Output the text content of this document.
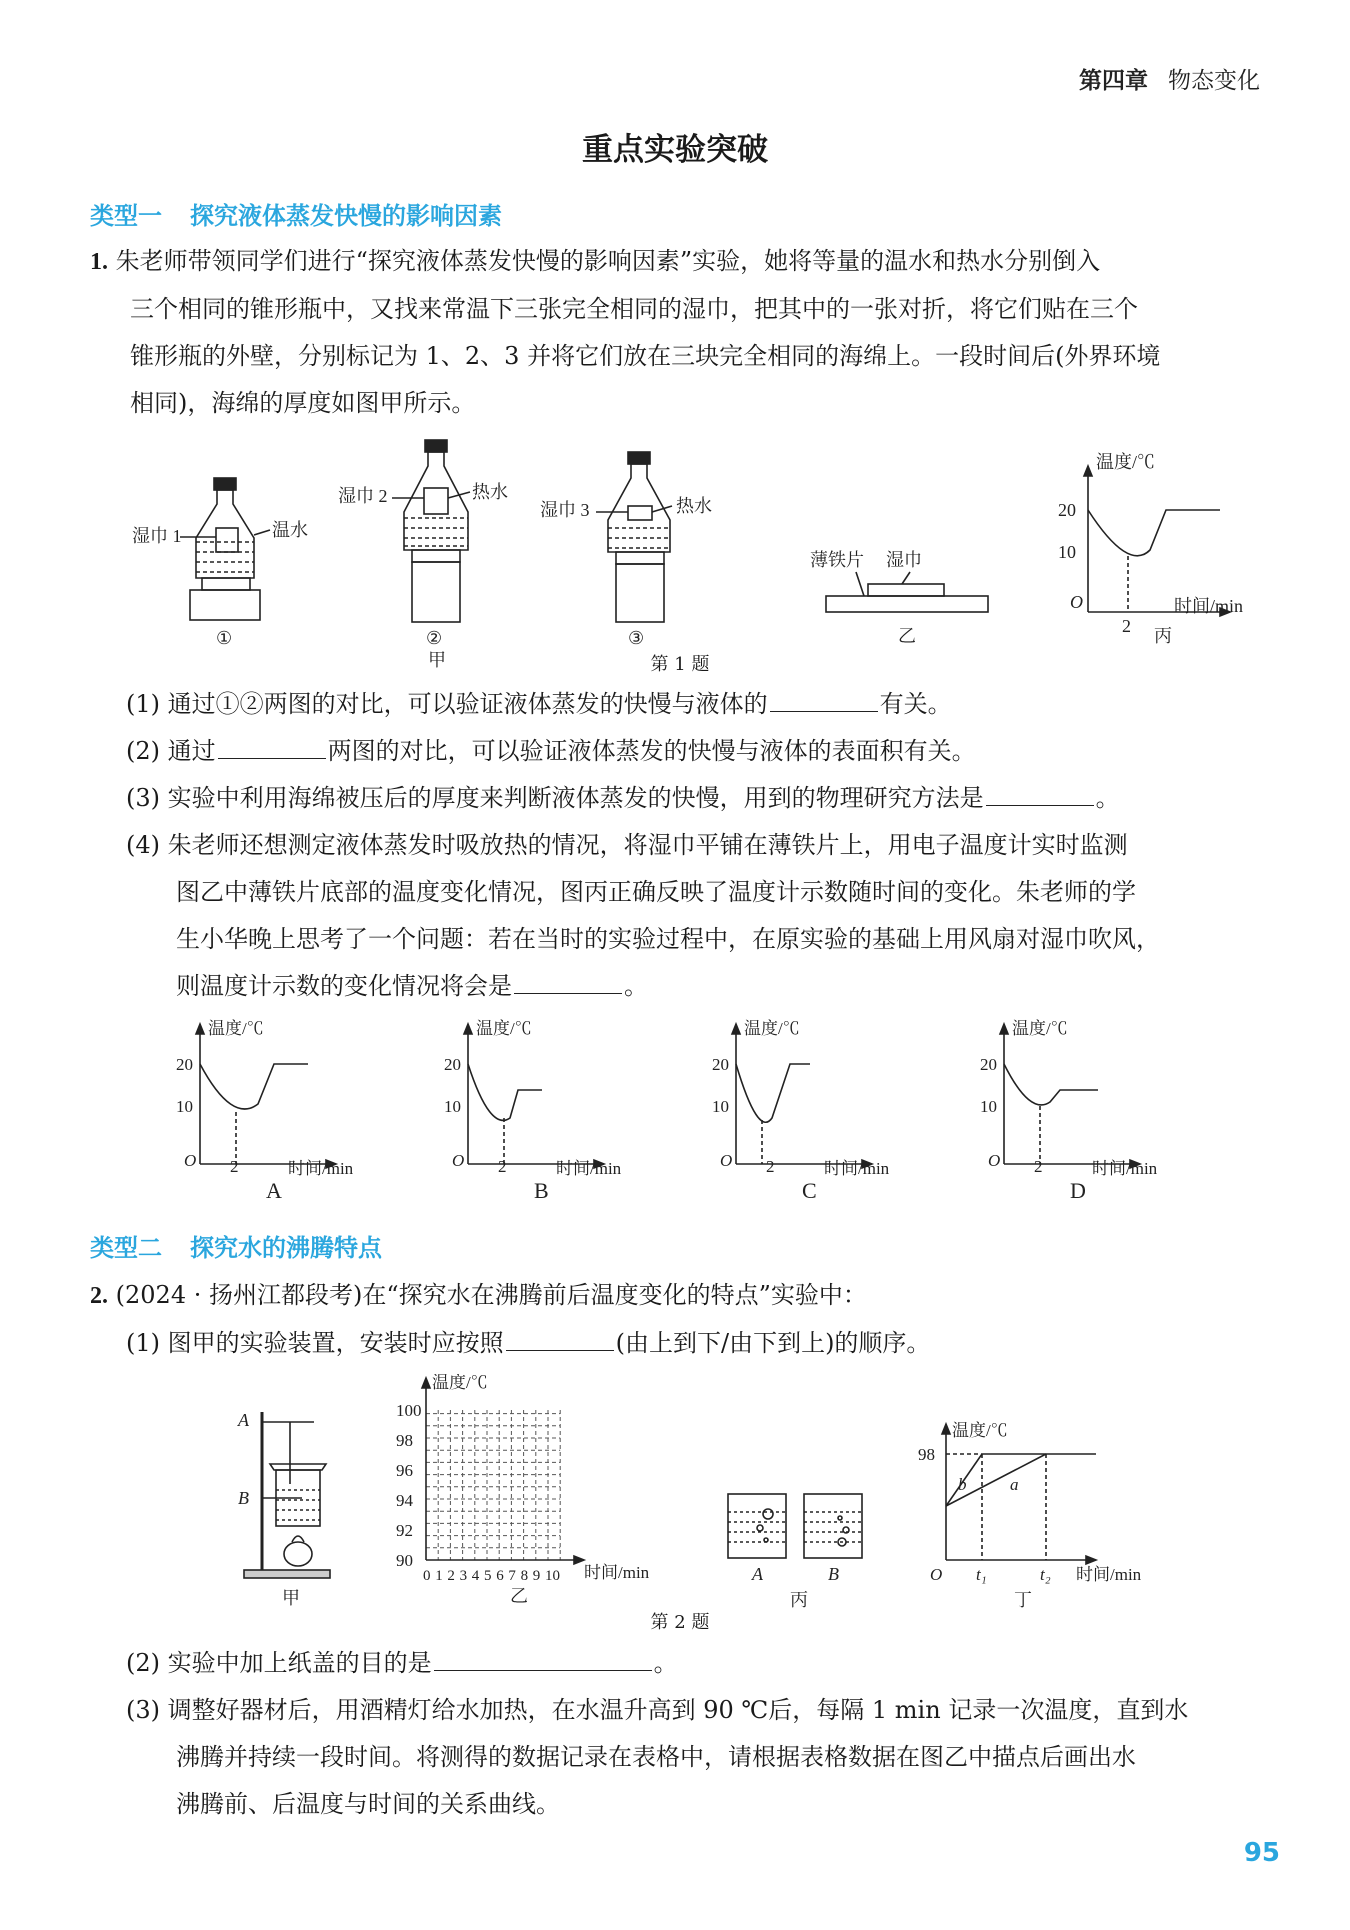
第四章 物态变化
重点实验突破
类型一 探究液体蒸发快慢的影响因素
1. 朱老师带领同学们进行“探究液体蒸发快慢的影响因素”实验，她将等量的温水和热水分别倒入
三个相同的锥形瓶中，又找来常温下三张完全相同的湿巾，把其中的一张对折，将它们贴在三个
锥形瓶的外壁，分别标记为 1、2、3 并将它们放在三块完全相同的海绵上。一段时间后(外界环境
相同)，海绵的厚度如图甲所示。
湿巾 1	温水
①
湿巾 2	热水
②
甲
湿巾 3	热水
③
薄铁片 湿巾
乙
温度/℃
20
10
O
2
时间/min
丙
第 1 题
(1) 通过①②两图的对比，可以验证液体蒸发的快慢与液体的	有关。
(2) 通过	两图的对比，可以验证液体蒸发的快慢与液体的表面积有关。
(3) 实验中利用海绵被压后的厚度来判断液体蒸发的快慢，用到的物理研究方法是	。
(4) 朱老师还想测定液体蒸发时吸放热的情况，将湿巾平铺在薄铁片上，用电子温度计实时监测
图乙中薄铁片底部的温度变化情况，图丙正确反映了温度计示数随时间的变化。朱老师的学
生小华晚上思考了一个问题：若在当时的实验过程中，在原实验的基础上用风扇对湿巾吹风，
则温度计示数的变化情况将会是	。
温度/℃
20
10
O 2	时间/min
A
温度/℃
20
10
O 2	时间/min
B
温度/℃
20
10
O 2	时间/min
C
温度/℃
20
10
O 2	时间/min
D
类型二 探究水的沸腾特点
2. (2024 · 扬州江都段考)在“探究水在沸腾前后温度变化的特点”实验中：
(1) 图甲的实验装置，安装时应按照	(由上到下/由下到上)的顺序。
A
B
甲
100
98
96
94
92
90
0 1 2 3 4 5 6 7 8 9 10
温度/℃
时间/min
乙
A	B
丙
温度/℃
98
O t₁	t₂
b	a
时间/min
丁
第 2 题
(2) 实验中加上纸盖的目的是	。
(3) 调整好器材后，用酒精灯给水加热，在水温升高到 90 ℃后，每隔 1 min 记录一次温度，直到水
沸腾并持续一段时间。将测得的数据记录在表格中，请根据表格数据在图乙中描点后画出水
沸腾前、后温度与时间的关系曲线。
95
